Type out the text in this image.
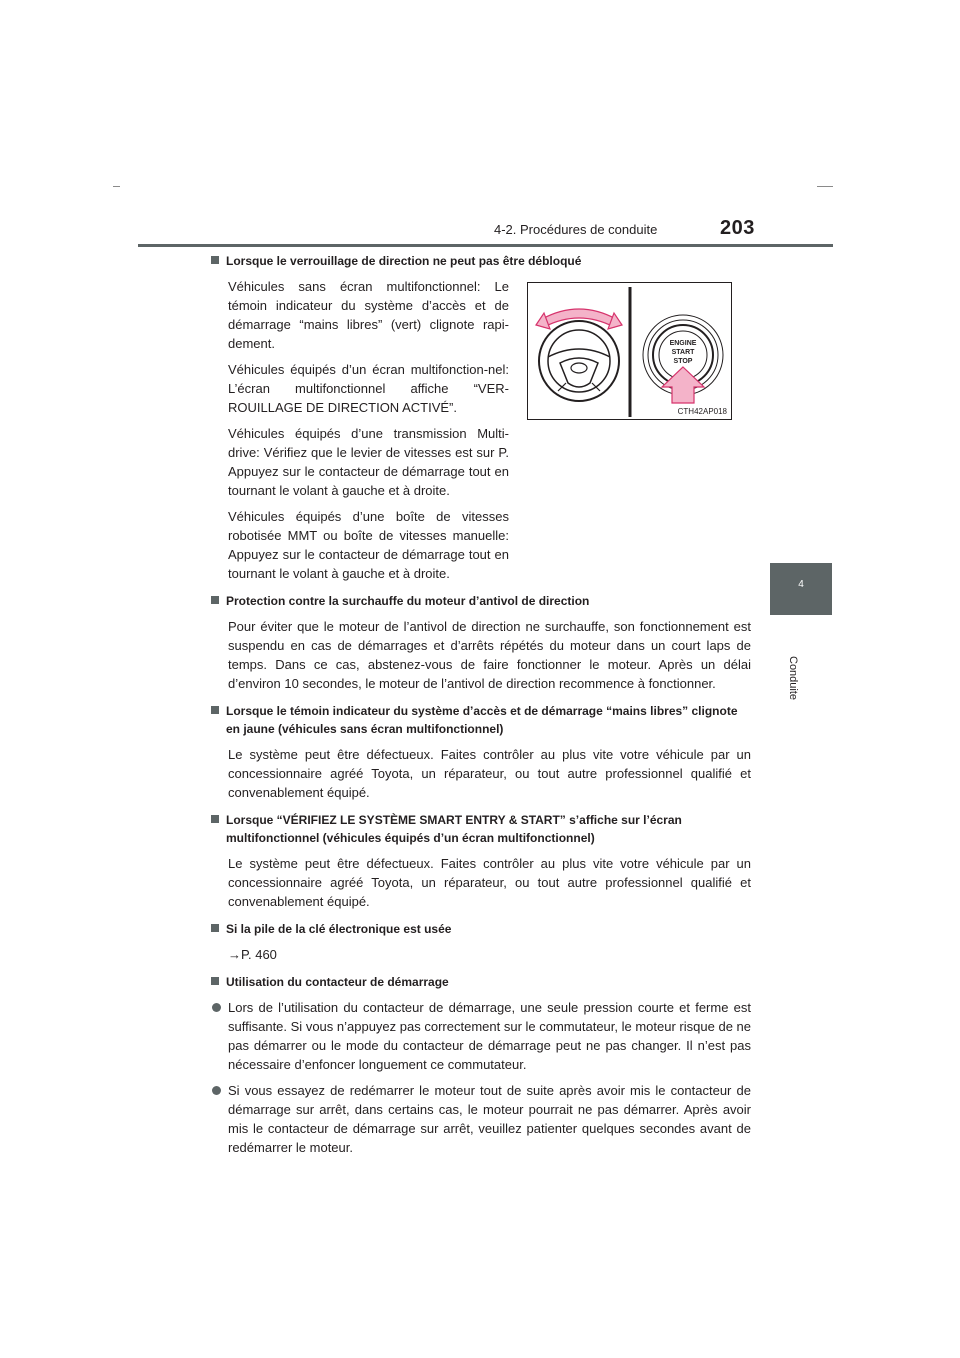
4-2. Procédures de conduite	203
4
Conduite
ENGINE
START
STOP
CTH42AP018
Lorsque le verrouillage de direction ne peut pas être débloqué
Véhicules sans écran multifonctionnel: Le témoin indicateur du système d’accès et de démarrage “mains libres” (vert) clignote rapi-dement.
Véhicules équipés d’un écran multifonction-nel: L’écran multifonctionnel affiche “VER-ROUILLAGE DE DIRECTION ACTIVÉ”.
Véhicules équipés d’une transmission Multi-drive: Vérifiez que le levier de vitesses est sur P. Appuyez sur le contacteur de démarrage tout en tournant le volant à gauche et à droite.
Véhicules équipés d’une boîte de vitesses robotisée MMT ou boîte de vitesses manuelle: Appuyez sur le contacteur de démarrage tout en tournant le volant à gauche et à droite.
Protection contre la surchauffe du moteur d’antivol de direction
Pour éviter que le moteur de l’antivol de direction ne surchauffe, son fonctionnement est suspendu en cas de démarrages et d’arrêts répétés du moteur dans un court laps de temps. Dans ce cas, abstenez-vous de faire fonctionner le moteur. Après un délai d’environ 10 secondes, le moteur de l’antivol de direction recommence à fonctionner.
Lorsque le témoin indicateur du système d’accès et de démarrage “mains libres” clignote en jaune (véhicules sans écran multifonctionnel)
Le système peut être défectueux. Faites contrôler au plus vite votre véhicule par un concessionnaire agréé Toyota, un réparateur, ou tout autre professionnel qualifié et convenablement équipé.
Lorsque “VÉRIFIEZ LE SYSTÈME SMART ENTRY & START” s’affiche sur l’écran multifonctionnel (véhicules équipés d’un écran multifonctionnel)
Le système peut être défectueux. Faites contrôler au plus vite votre véhicule par un concessionnaire agréé Toyota, un réparateur, ou tout autre professionnel qualifié et convenablement équipé.
Si la pile de la clé électronique est usée
→P. 460
Utilisation du contacteur de démarrage
Lors de l’utilisation du contacteur de démarrage, une seule pression courte et ferme est suffisante. Si vous n’appuyez pas correctement sur le commutateur, le moteur risque de ne pas démarrer ou le mode du contacteur de démarrage peut ne pas changer. Il n’est pas nécessaire d’enfoncer longuement ce commutateur.
Si vous essayez de redémarrer le moteur tout de suite après avoir mis le contacteur de démarrage sur arrêt, dans certains cas, le moteur pourrait ne pas démarrer. Après avoir mis le contacteur de démarrage sur arrêt, veuillez patienter quelques secondes avant de redémarrer le moteur.
